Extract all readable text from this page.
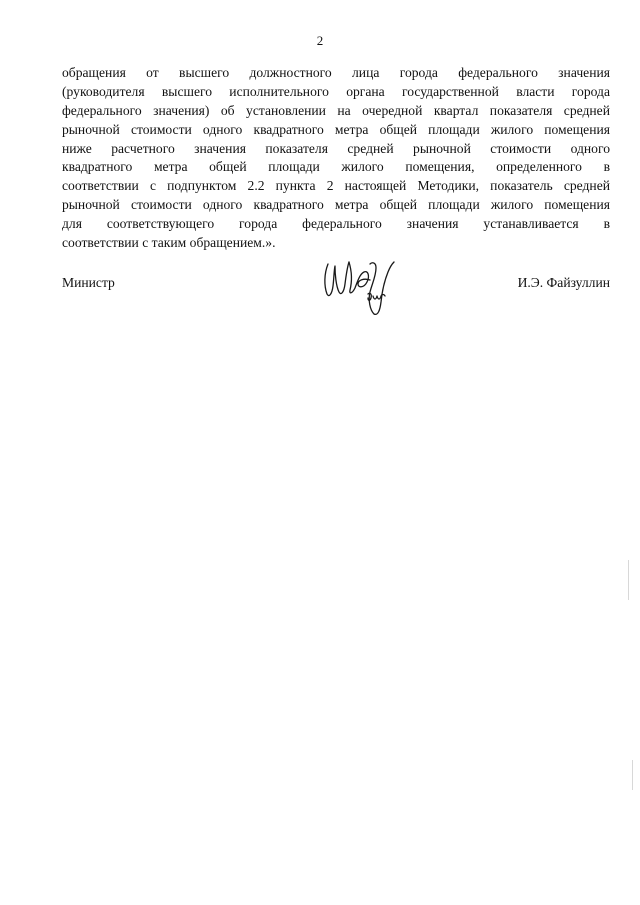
2
обращения от высшего должностного лица города федерального значения
(руководителя высшего исполнительного органа государственной власти города
федерального значения) об установлении на очередной квартал показателя средней
рыночной стоимости одного квадратного метра общей площади жилого помещения
ниже расчетного значения показателя средней рыночной стоимости одного
квадратного метра общей площади жилого помещения, определенного в
соответствии с подпунктом 2.2 пункта 2 настоящей Методики, показатель средней
рыночной стоимости одного квадратного метра общей площади жилого помещения
для соответствующего города федерального значения устанавливается в
соответствии с таким обращением.».
Министр	И.Э. Файзуллин
